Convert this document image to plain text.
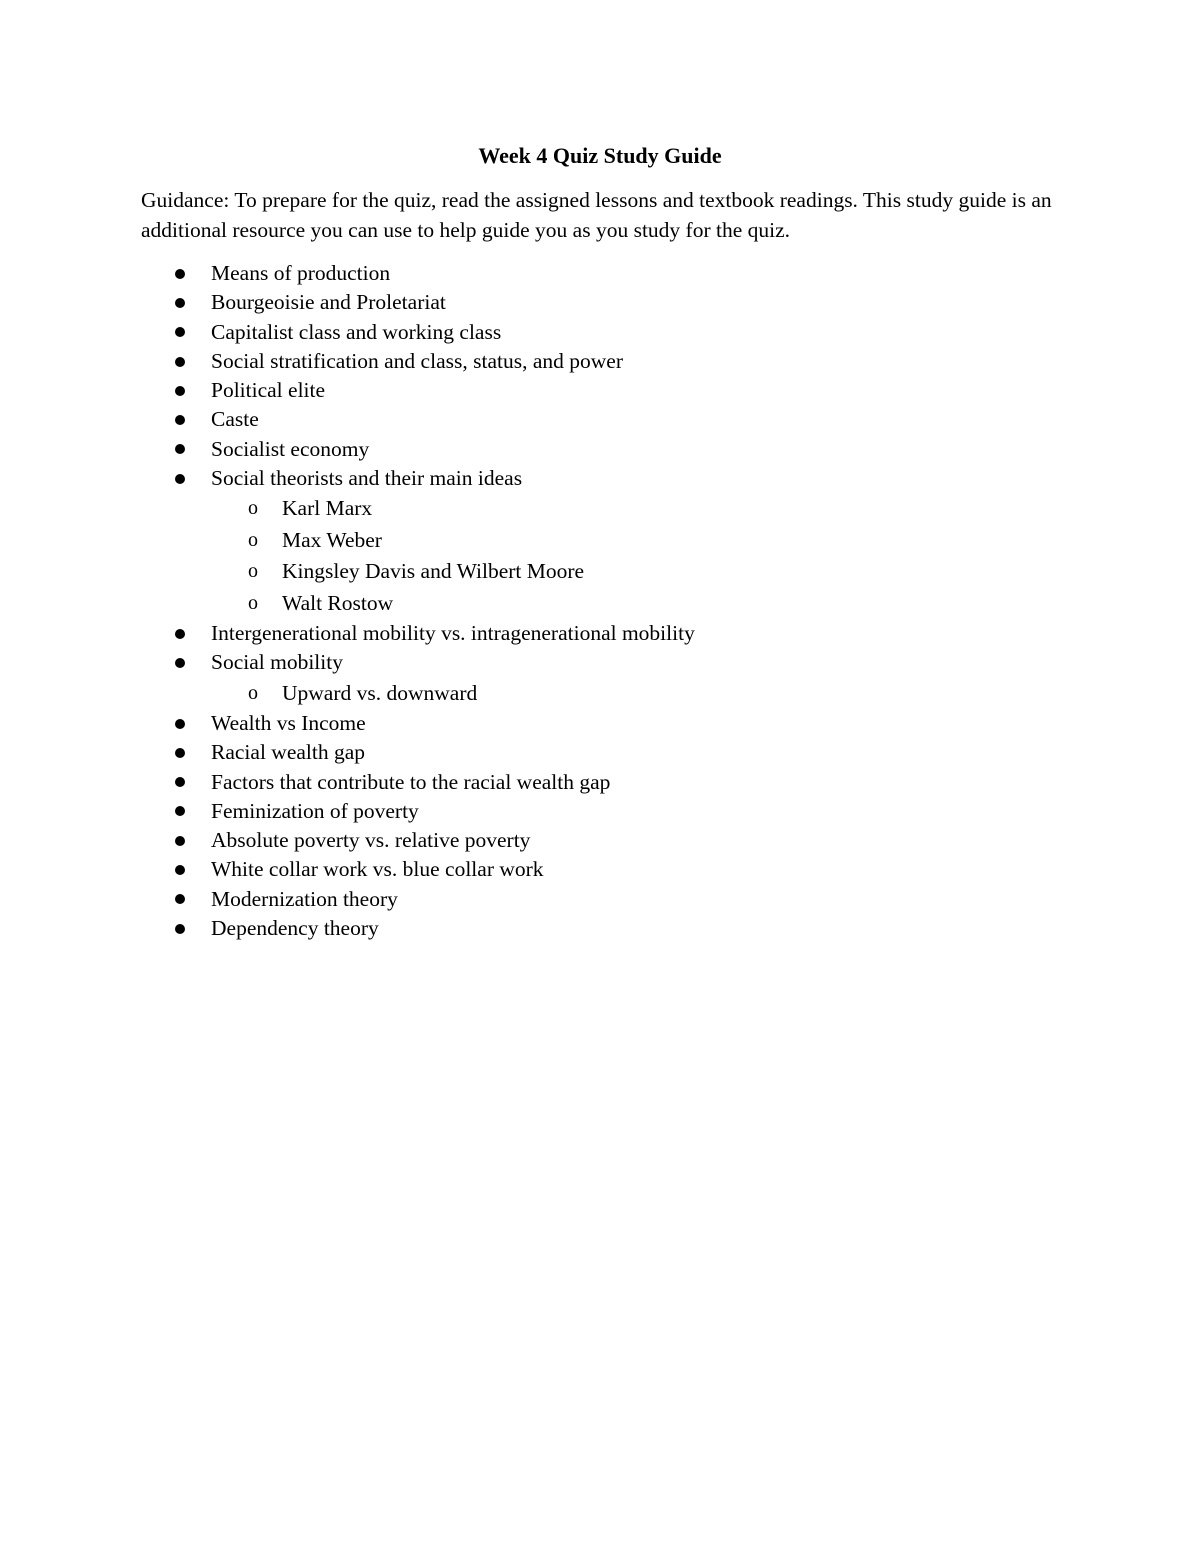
Week 4 Quiz Study Guide

Guidance: To prepare for the quiz, read the assigned lessons and textbook readings. This study guide is an additional resource you can use to help guide you as you study for the quiz.

Means of production
Bourgeoisie and Proletariat
Capitalist class and working class
Social stratification and class, status, and power
Political elite
Caste
Socialist economy
Social theorists and their main ideas
o Karl Marx
o Max Weber
o Kingsley Davis and Wilbert Moore
o Walt Rostow
Intergenerational mobility vs. intragenerational mobility
Social mobility
o Upward vs. downward
Wealth vs Income
Racial wealth gap
Factors that contribute to the racial wealth gap
Feminization of poverty
Absolute poverty vs. relative poverty
White collar work vs. blue collar work
Modernization theory
Dependency theory
